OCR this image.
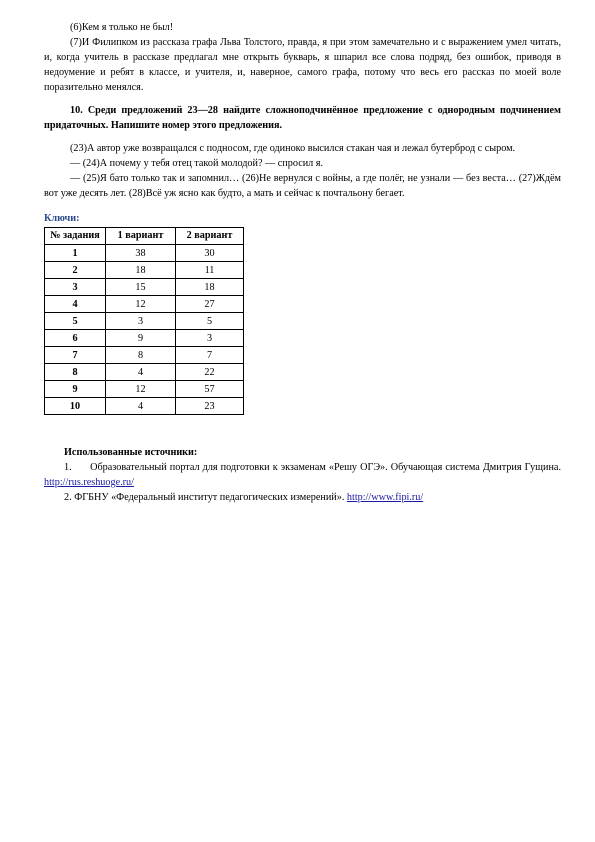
(6)Кем я только не был!

(7)И Филипком из рассказа графа Льва Толстого, правда, я при этом замечательно и с выражением умел читать, и, когда учитель в рассказе предлагал мне открыть букварь, я шпарил все слова подряд, без ошибок, приводя в недоумение и ребят в классе, и учителя, и, наверное, самого графа, потому что весь его рассказ по моей воле поразительно менялся.

10. Среди предложений 23—28 найдите сложноподчинённое предложение с однородным подчинением придаточных. Напишите номер этого предложения.

(23)А автор уже возвращался с подносом, где одиноко высился стакан чая и лежал бутерброд с сыром.

— (24)А почему у тебя отец такой молодой? — спросил я.

— (25)Я бато только так и запомнил… (26)Не вернулся с войны, а где полёг, не узнали — без веста… (27)Ждём вот уже десять лет. (28)Всё уж ясно как будто, а мать и сейчас к почтальону бегает.

Ключи:
№ задания	1 вариант	2 вариант
1	38	30
2	18	11
3	15	18
4	12	27
5	3	5
6	9	3
7	8	7
8	4	22
9	12	57
10	4	23
Использованные источники:

1. Образовательный портал для подготовки к экзаменам «Решу ОГЭ». Обучающая система Дмитрия Гущина. http://rus.reshuoge.ru/

2. ФГБНУ «Федеральный институт педагогических измерений». http://www.fipi.ru/
